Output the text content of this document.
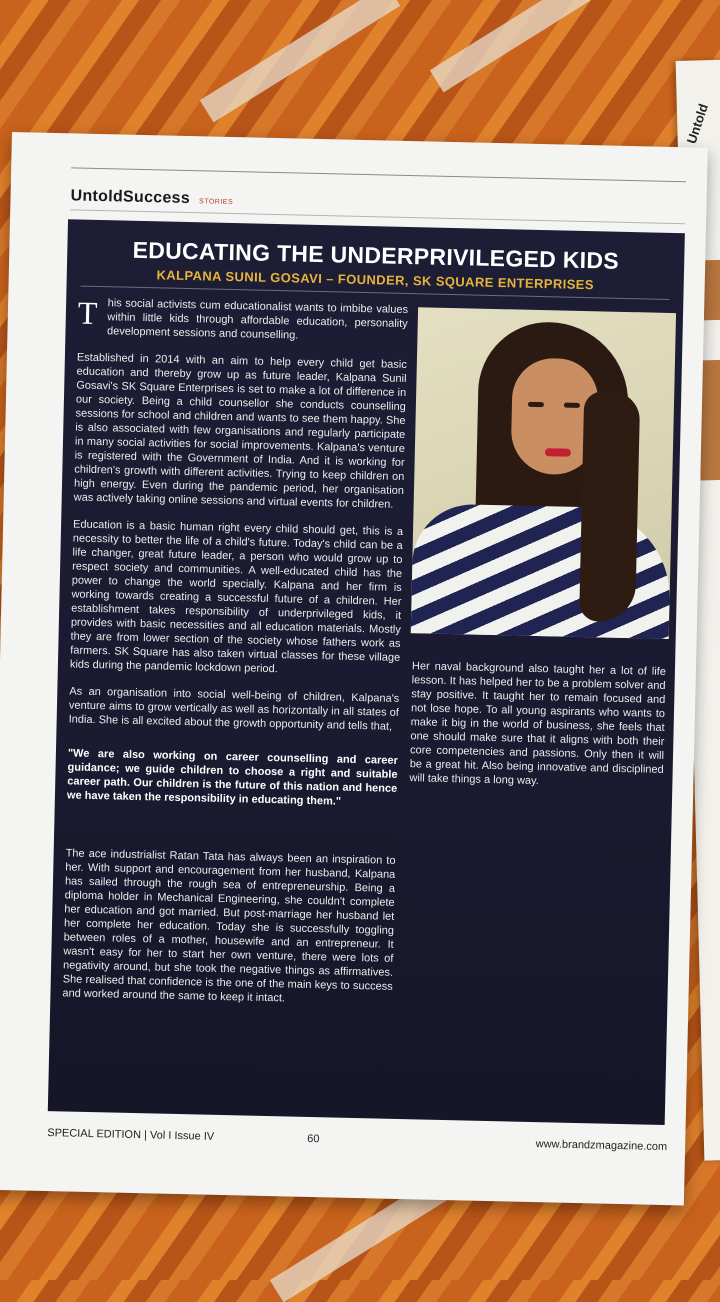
Untold
UntoldSuccess STORIES
EDUCATING THE UNDERPRIVILEGED KIDS
KALPANA SUNIL GOSAVI – FOUNDER, SK SQUARE ENTERPRISES

T his social activists cum educationalist wants to imbibe values within little kids through affordable education, personality development sessions and counselling.

Established in 2014 with an aim to help every child get basic education and thereby grow up as future leader, Kalpana Sunil Gosavi's SK Square Enterprises is set to make a lot of difference in our society. Being a child counsellor she conducts counselling sessions for school and children and wants to see them happy. She is also associated with few organisations and regularly participate in many social activities for social improvements. Kalpana's venture is registered with the Government of India. And it is working for children's growth with different activities. Trying to keep children on high energy. Even during the pandemic period, her organisation was actively taking online sessions and virtual events for children.

Education is a basic human right every child should get, this is a necessity to better the life of a child's future. Today's child can be a life changer, great future leader, a person who would grow up to respect society and communities. A well-educated child has the power to change the world specially. Kalpana and her firm is working towards creating a successful future of a children. Her establishment takes responsibility of underprivileged kids, it provides with basic necessities and all education materials. Mostly they are from lower section of the society whose fathers work as farmers. SK Square has also taken virtual classes for these village kids during the pandemic lockdown period.

As an organisation into social well-being of children, Kalpana's venture aims to grow vertically as well as horizontally in all states of India. She is all excited about the growth opportunity and tells that,

"We are also working on career counselling and career guidance; we guide children to choose a right and suitable career path. Our children is the future of this nation and hence we have taken the responsibility in educating them."

The ace industrialist Ratan Tata has always been an inspiration to her. With support and encouragement from her husband, Kalpana has sailed through the rough sea of entrepreneurship. Being a diploma holder in Mechanical Engineering, she couldn't complete her education and got married. But post-marriage her husband let her complete her education. Today she is successfully toggling between roles of a mother, housewife and an entrepreneur. It wasn't easy for her to start her own venture, there were lots of negativity around, but she took the negative things as affirmatives. She realised that confidence is the one of the main keys to success and worked around the same to keep it intact.

Her naval background also taught her a lot of life lesson. It has helped her to be a problem solver and stay positive. It taught her to remain focused and not lose hope. To all young aspirants who wants to make it big in the world of business, she feels that one should make sure that it aligns with both their core competencies and passions. Only then it will be a great hit. Also being innovative and disciplined will take things a long way.

SPECIAL EDITION | Vol I Issue IV	60	www.brandzmagazine.com
